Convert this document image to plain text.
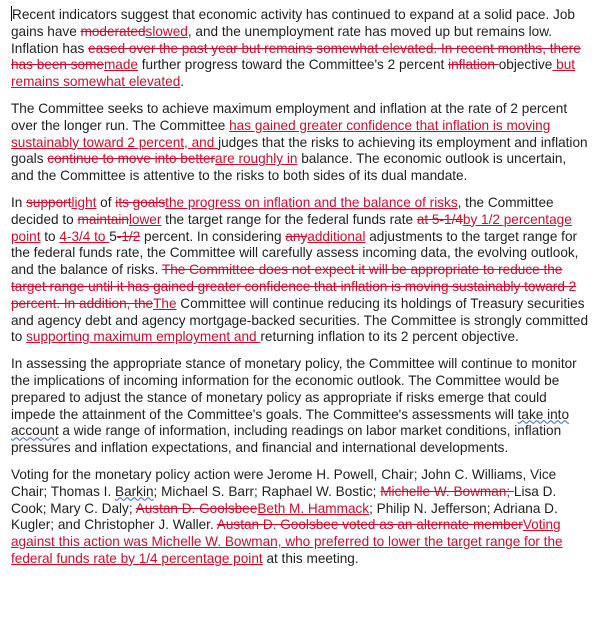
Recent indicators suggest that economic activity has continued to expand at a solid pace. Job gains have moderatedslowed, and the unemployment rate has moved up but remains low. Inflation has eased over the past year but remains somewhat elevated. In recent months, there has been somemade further progress toward the Committee's 2 percent inflation objective but remains somewhat elevated.

The Committee seeks to achieve maximum employment and inflation at the rate of 2 percent over the longer run. The Committee has gained greater confidence that inflation is moving sustainably toward 2 percent, and judges that the risks to achieving its employment and inflation goals continue to move into betterare roughly in balance. The economic outlook is uncertain, and the Committee is attentive to the risks to both sides of its dual mandate.

In supportlight of its goalsthe progress on inflation and the balance of risks, the Committee decided to maintainlower the target range for the federal funds rate at 5-1/4by 1/2 percentage point to 4-3/4 to 5-1/2 percent. In considering anyadditional adjustments to the target range for the federal funds rate, the Committee will carefully assess incoming data, the evolving outlook, and the balance of risks. The Committee does not expect it will be appropriate to reduce the target range until it has gained greater confidence that inflation is moving sustainably toward 2 percent. In addition, theThe Committee will continue reducing its holdings of Treasury securities and agency debt and agency mortgage-backed securities. The Committee is strongly committed to supporting maximum employment and returning inflation to its 2 percent objective.

In assessing the appropriate stance of monetary policy, the Committee will continue to monitor the implications of incoming information for the economic outlook. The Committee would be prepared to adjust the stance of monetary policy as appropriate if risks emerge that could impede the attainment of the Committee's goals. The Committee's assessments will take into account a wide range of information, including readings on labor market conditions, inflation pressures and inflation expectations, and financial and international developments.

Voting for the monetary policy action were Jerome H. Powell, Chair; John C. Williams, Vice Chair; Thomas I. Barkin; Michael S. Barr; Raphael W. Bostic; Michelle W. Bowman; Lisa D. Cook; Mary C. Daly; Austan D. GoolsbeeBeth M. Hammack; Philip N. Jefferson; Adriana D. Kugler; and Christopher J. Waller. Austan D. Goolsbee voted as an alternate memberVoting against this action was Michelle W. Bowman, who preferred to lower the target range for the federal funds rate by 1/4 percentage point at this meeting.
